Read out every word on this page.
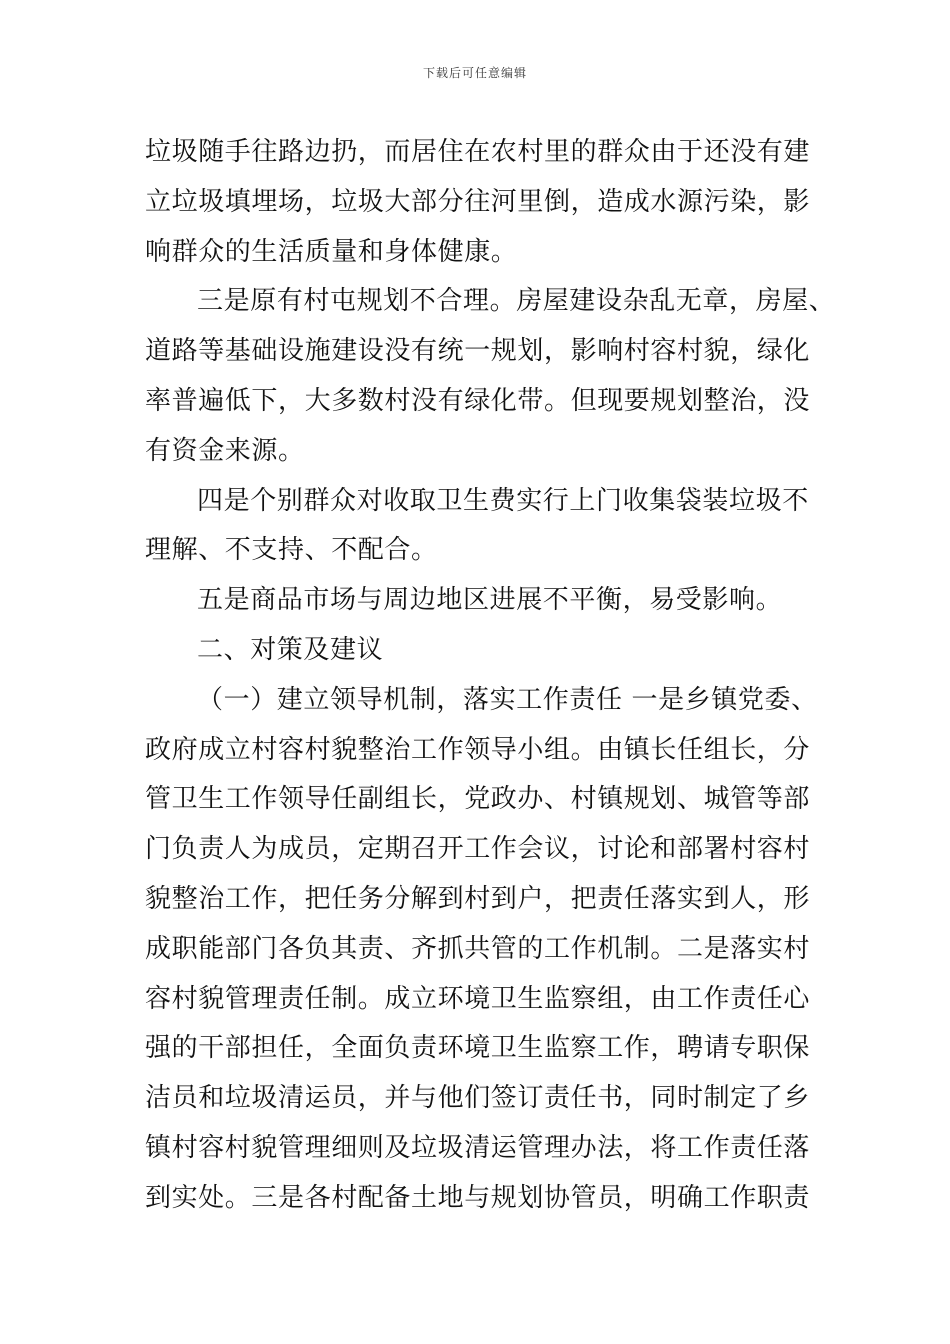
下载后可任意编辑
垃圾随手往路边扔，而居住在农村里的群众由于还没有建
立垃圾填埋场，垃圾大部分往河里倒，造成水源污染，影
响群众的生活质量和身体健康。
三是原有村屯规划不合理。房屋建设杂乱无章，房屋、
道路等基础设施建设没有统一规划，影响村容村貌，绿化
率普遍低下，大多数村没有绿化带。但现要规划整治，没
有资金来源。
四是个别群众对收取卫生费实行上门收集袋装垃圾不
理解、不支持、不配合。
五是商品市场与周边地区进展不平衡，易受影响。
二、对策及建议
（一）建立领导机制，落实工作责任 一是乡镇党委、
政府成立村容村貌整治工作领导小组。由镇长任组长，分
管卫生工作领导任副组长，党政办、村镇规划、城管等部
门负责人为成员，定期召开工作会议，讨论和部署村容村
貌整治工作，把任务分解到村到户，把责任落实到人，形
成职能部门各负其责、齐抓共管的工作机制。二是落实村
容村貌管理责任制。成立环境卫生监察组，由工作责任心
强的干部担任，全面负责环境卫生监察工作，聘请专职保
洁员和垃圾清运员，并与他们签订责任书，同时制定了乡
镇村容村貌管理细则及垃圾清运管理办法，将工作责任落
到实处。三是各村配备土地与规划协管员，明确工作职责
